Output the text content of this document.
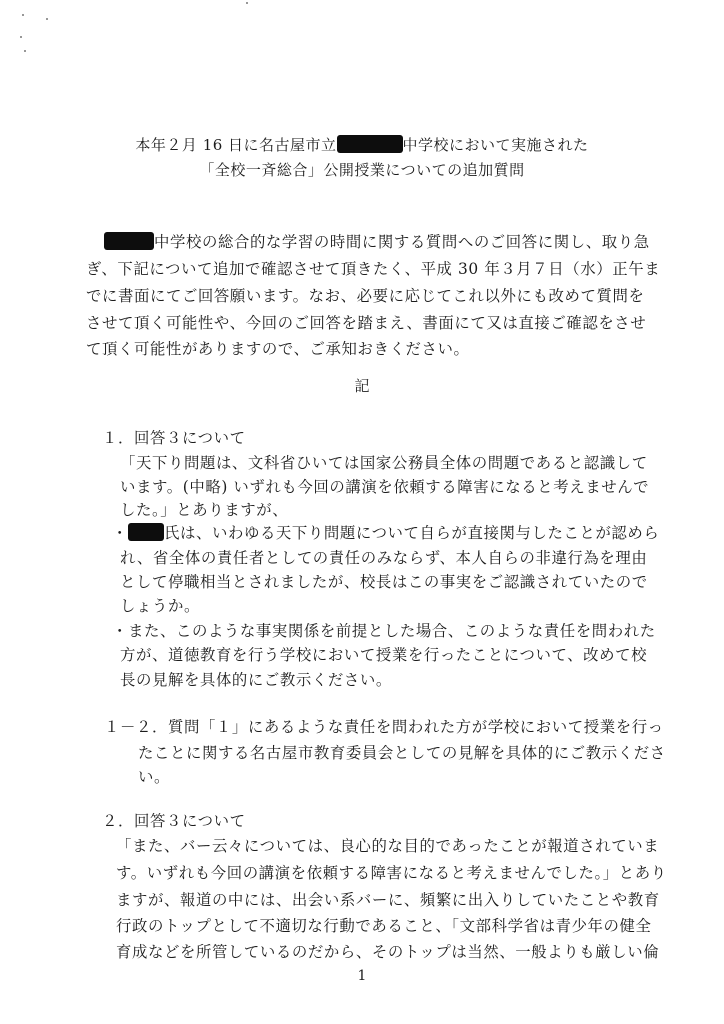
本年２月 16 日に名古屋市立	中学校において実施された
「全校一斉総合」公開授業についての追加質問
中学校の総合的な学習の時間に関する質問へのご回答に関し、取り急
ぎ、下記について追加で確認させて頂きたく、平成 30 年３月７日（水）正午ま
でに書面にてご回答願います。なお、必要に応じてこれ以外にも改めて質問を
させて頂く可能性や、今回のご回答を踏まえ、書面にて又は直接ご確認をさせ
て頂く可能性がありますので、ご承知おきください。
記
１．回答３について
「天下り問題は、文科省ひいては国家公務員全体の問題であると認識して
います。(中略) いずれも今回の講演を依頼する障害になると考えませんで
した。」とありますが、
・ 氏は、いわゆる天下り問題について自らが直接関与したことが認めら
れ、省全体の責任者としての責任のみならず、本人自らの非違行為を理由
として停職相当とされましたが、校長はこの事実をご認識されていたので
しょうか。
・また、このような事実関係を前提とした場合、このような責任を問われた
方が、道徳教育を行う学校において授業を行ったことについて、改めて校
長の見解を具体的にご教示ください。
１－２．質問「１」にあるような責任を問われた方が学校において授業を行っ
たことに関する名古屋市教育委員会としての見解を具体的にご教示くださ
い。
２．回答３について
「また、バー云々については、良心的な目的であったことが報道されていま
す。いずれも今回の講演を依頼する障害になると考えませんでした。」とあり
ますが、報道の中には、出会い系バーに、頻繁に出入りしていたことや教育
行政のトップとして不適切な行動であること、「文部科学省は青少年の健全
育成などを所管しているのだから、そのトップは当然、一般よりも厳しい倫
1
